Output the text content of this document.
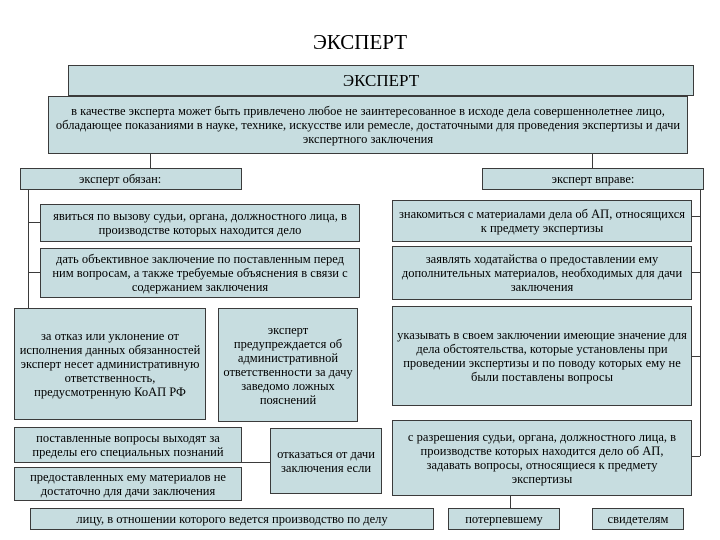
ЭКСПЕРТ
ЭКСПЕРТ
в качестве эксперта может быть привлечено любое не заинтересованное в исходе дела совершеннолетнее лицо, обладающее показаниями в науке, технике, искусстве или ремесле, достаточными для проведения экспертизы и дачи экспертного заключения
эксперт обязан:	эксперт вправе:
явиться по вызову судьи, органа, должностного лица, в производстве которых находится дело
дать объективное заключение по поставленным перед ним вопросам, а также требуемые объяснения в связи с содержанием заключения
за отказ или уклонение от исполнения данных обязанностей эксперт несет административную ответственность, предусмотренную КоАП РФ
эксперт предупреждается об административной ответственности за дачу заведомо ложных пояснений
поставленные вопросы выходят за пределы его специальных познаний
предоставленных ему материалов не достаточно для дачи заключения
отказаться от дачи заключения если
знакомиться с материалами дела об АП, относящихся к предмету экспертизы
заявлять ходатайства о предоставлении ему дополнительных материалов, необходимых для дачи заключения
указывать в своем заключении имеющие значение для дела обстоятельства, которые установлены при проведении экспертизы и по поводу которых ему не были поставлены вопросы
с разрешения судьи, органа, должностного лица, в производстве которых находится дело об АП, задавать вопросы, относящиеся к предмету экспертизы
лицу, в отношении которого ведется производство по делу	потерпевшему	свидетелям
